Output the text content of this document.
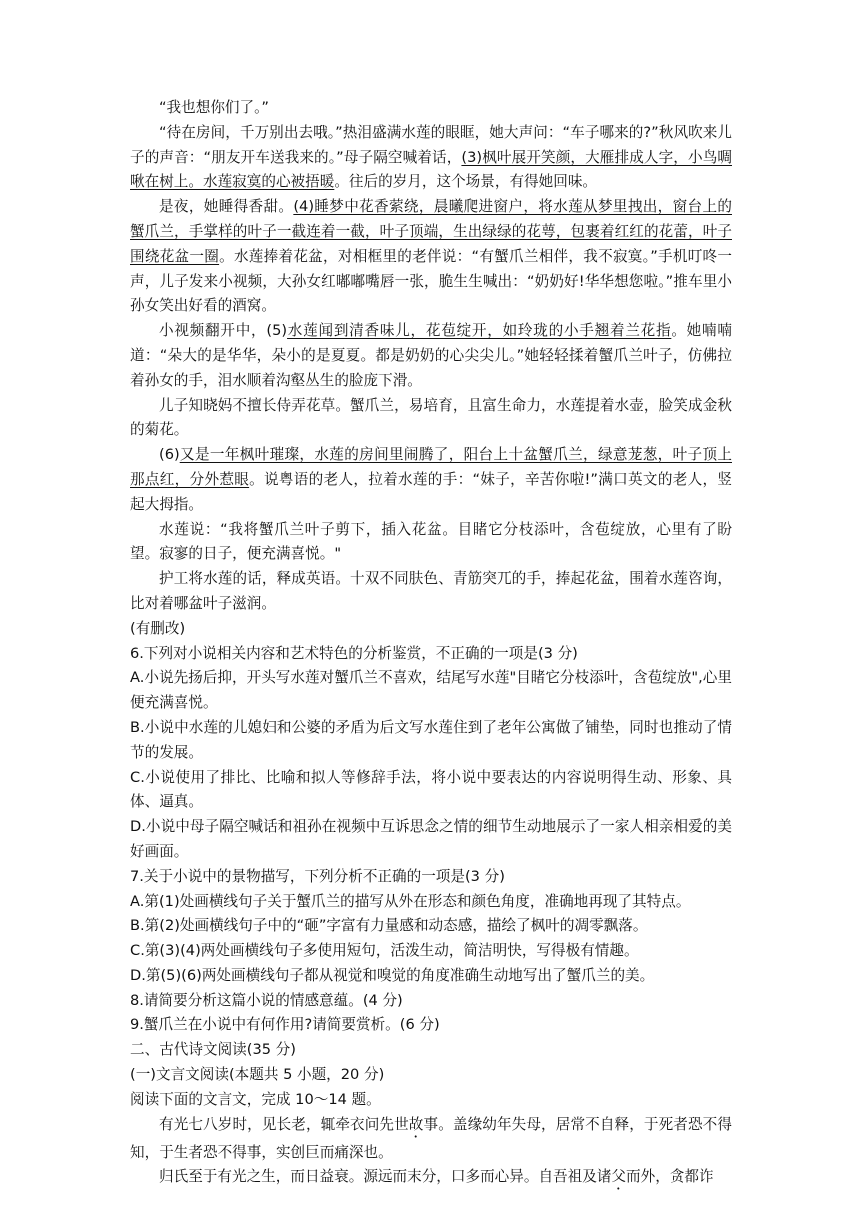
“我也想你们了。”

“待在房间，千万别出去哦。”热泪盛满水莲的眼眶，她大声问：“车子哪来的?”秋风吹来儿子的声音：“朋友开车送我来的。”母子隔空喊着话，(3)枫叶展开笑颜，大雁排成人字，小鸟啁啾在树上。水莲寂寞的心被捂暖。往后的岁月，这个场景，有得她回味。

是夜，她睡得香甜。(4)睡梦中花香萦绕，晨曦爬进窗户，将水莲从梦里拽出，窗台上的蟹爪兰，手掌样的叶子一截连着一截，叶子顶端，生出绿绿的花萼，包裹着红红的花蕾，叶子围绕花盆一圈。水莲捧着花盆，对相框里的老伴说：“有蟹爪兰相伴，我不寂寞。”手机叮咚一声，儿子发来小视频，大孙女红嘟嘟嘴唇一张，脆生生喊出：“奶奶好!华华想您啦。”推车里小孙女笑出好看的酒窝。

小视频翻开中，(5)水莲闻到清香味儿，花苞绽开，如玲珑的小手翘着兰花指。她喃喃道：“朵大的是华华，朵小的是夏夏。都是奶奶的心尖尖儿。”她轻轻揉着蟹爪兰叶子，仿佛拉着孙女的手，泪水顺着沟壑丛生的脸庞下滑。

儿子知晓妈不擅长侍弄花草。蟹爪兰，易培育，且富生命力，水莲提着水壶，脸笑成金秋的菊花。

(6)又是一年枫叶璀璨，水莲的房间里闹腾了，阳台上十盆蟹爪兰，绿意茏葱，叶子顶上那点红，分外惹眼。说粤语的老人，拉着水莲的手：“妹子，辛苦你啦!”满口英文的老人，竖起大拇指。

水莲说：“我将蟹爪兰叶子剪下，插入花盆。目睹它分枝添叶，含苞绽放，心里有了盼望。寂寥的日子，便充满喜悦。"

护工将水莲的话，释成英语。十双不同肤色、青筋突兀的手，捧起花盆，围着水莲咨询，比对着哪盆叶子滋润。

(有删改)

6.下列对小说相关内容和艺术特色的分析鉴赏，不正确的一项是(3 分)

A.小说先扬后抑，开头写水莲对蟹爪兰不喜欢，结尾写水莲"目睹它分枝添叶，含苞绽放",心里便充满喜悦。

B.小说中水莲的儿媳妇和公婆的矛盾为后文写水莲住到了老年公寓做了铺垫，同时也推动了情节的发展。

C.小说使用了排比、比喻和拟人等修辞手法，将小说中要表达的内容说明得生动、形象、具体、逼真。

D.小说中母子隔空喊话和祖孙在视频中互诉思念之情的细节生动地展示了一家人相亲相爱的美好画面。

7.关于小说中的景物描写，下列分析不正确的一项是(3 分)

A.第(1)处画横线句子关于蟹爪兰的描写从外在形态和颜色角度，准确地再现了其特点。

B.第(2)处画横线句子中的“砸”字富有力量感和动态感，描绘了枫叶的凋零飘落。

C.第(3)(4)两处画横线句子多使用短句，活泼生动，简洁明快，写得极有情趣。

D.第(5)(6)两处画横线句子都从视觉和嗅觉的角度准确生动地写出了蟹爪兰的美。

8.请简要分析这篇小说的情感意蕴。(4 分)

9.蟹爪兰在小说中有何作用?请简要赏析。(6 分)

二、古代诗文阅读(35 分)

(一)文言文阅读(本题共 5 小题，20 分)

阅读下面的文言文，完成 10～14 题。

有光七八岁时，见长老，辄牵衣问先世故事。盖缘幼年失母，居常不自释，于死者恐不得知，于生者恐不得事，实创巨而痛深也。

归氏至于有光之生，而日益衰。源远而末分，口多而心异。自吾祖及诸父而外，贪都诈
